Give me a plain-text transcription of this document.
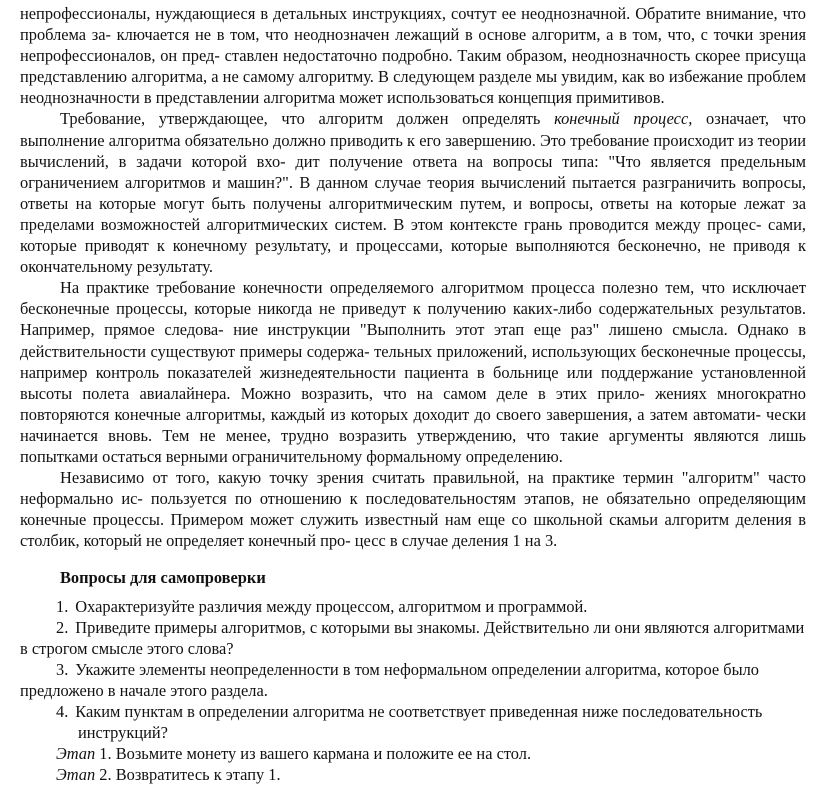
непрофессионалы, нуждающиеся в детальных инструкциях, сочтут ее неоднозначной. Обратите внимание, что проблема за- ключается не в том, что неоднозначен лежащий в основе алгоритм, а в том, что, с точки зрения непрофессионалов, он пред- ставлен недостаточно подробно. Таким образом, неоднозначность скорее присуща представлению алгоритма, а не самому алгоритму. В следующем разделе мы увидим, как во избежание проблем неоднозначности в представлении алгоритма может использоваться концепция примитивов.

Требование, утверждающее, что алгоритм должен определять конечный процесс, означает, что выполнение алгоритма обязательно должно приводить к его завершению. Это требование происходит из теории вычислений, в задачи которой вхо- дит получение ответа на вопросы типа: "Что является предельным ограничением алгоритмов и машин?". В данном случае теория вычислений пытается разграничить вопросы, ответы на которые могут быть получены алгоритмическим путем, и вопросы, ответы на которые лежат за пределами возможностей алгоритмических систем. В этом контексте грань проводится между процес- сами, которые приводят к конечному результату, и процессами, которые выполняются бесконечно, не приводя к окончательному результату.

На практике требование конечности определяемого алгоритмом процесса полезно тем, что исключает бесконечные процессы, которые никогда не приведут к получению каких-либо содержательных результатов. Например, прямое следова- ние инструкции "Выполнить этот этап еще раз" лишено смысла. Однако в действительности существуют примеры содержа- тельных приложений, использующих бесконечные процессы, например контроль показателей жизнедеятельности пациента в больнице или поддержание установленной высоты полета авиалайнера. Можно возразить, что на самом деле в этих прило- жениях многократно повторяются конечные алгоритмы, каждый из которых доходит до своего завершения, а затем автомати- чески начинается вновь. Тем не менее, трудно возразить утверждению, что такие аргументы являются лишь попытками остаться верными ограничительному формальному определению.

Независимо от того, какую точку зрения считать правильной, на практике термин "алгоритм" часто неформально ис- пользуется по отношению к последовательностям этапов, не обязательно определяющим конечные процессы. Примером может служить известный нам еще со школьной скамьи алгоритм деления в столбик, который не определяет конечный про- цесс в случае деления 1 на 3.

Вопросы для самопроверки

1. Охарактеризуйте различия между процессом, алгоритмом и программой.

2. Приведите примеры алгоритмов, с которыми вы знакомы. Действительно ли они являются алгоритмами в строгом смысле этого слова?

3. Укажите элементы неопределенности в том неформальном определении алгоритма, которое было предложено в начале этого раздела.

4. Каким пунктам в определении алгоритма не соответствует приведенная ниже последовательность инструкций?

Этап 1. Возьмите монету из вашего кармана и положите ее на стол.

Этап 2. Возвратитесь к этапу 1.
